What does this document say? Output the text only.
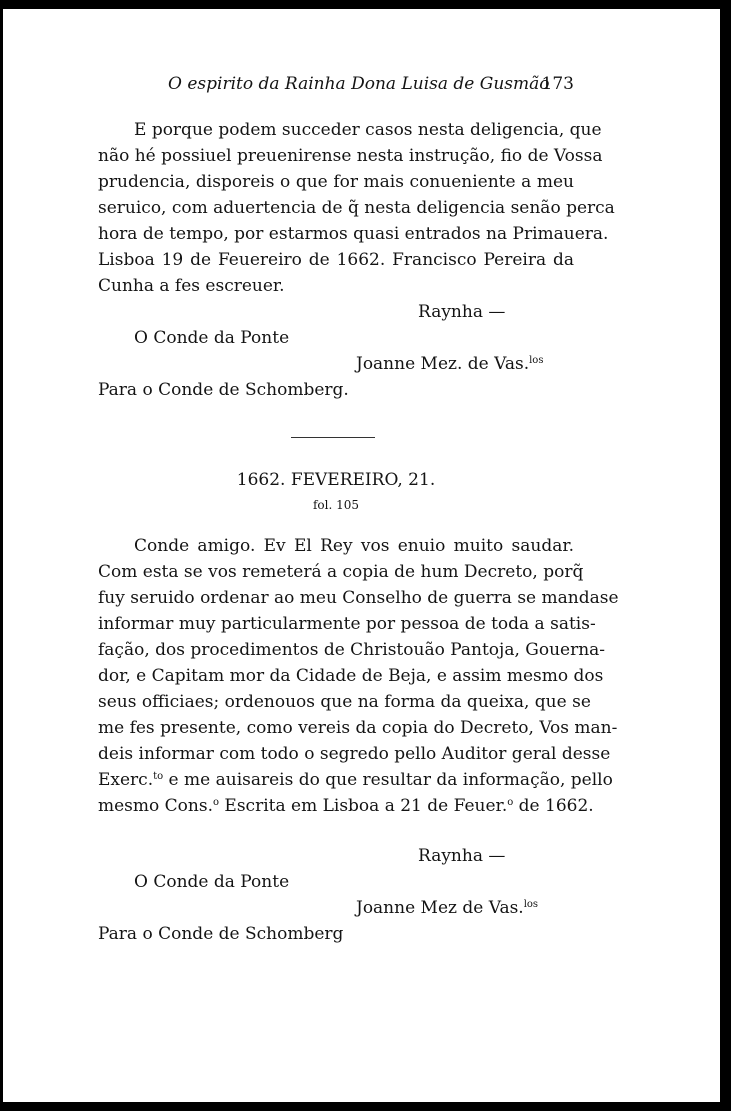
O espirito da Rainha Dona Luisa de Gusmão
173
E porque podem succeder casos nesta deligencia, que
não hé possiuel preuenirense nesta instrução, fio de Vossa
prudencia, disporeis o que for mais conueniente a meu
seruico, com aduertencia de q̃ nesta deligencia senão perca
hora de tempo, por estarmos quasi entrados na Primauera.
Lisboa 19 de Feuereiro de 1662. Francisco Pereira da
Cunha a fes escreuer.
Raynha —
O Conde da Ponte
Joanne Mez. de Vas.$^{los}$
Para o Conde de Schomberg.
1662. FEVEREIRO, 21.
fol. 105
Conde amigo. Ev El Rey vos enuio muito saudar.
Com esta se vos remeterá a copia de hum Decreto, porq̃
fuy seruido ordenar ao meu Conselho de guerra se mandase
informar muy particularmente por pessoa de toda a satis-
fação, dos procedimentos de Christouão Pantoja, Gouerna-
dor, e Capitam mor da Cidade de Beja, e assim mesmo dos
seus officiaes; ordenouos que na forma da queixa, que se
me fes presente, como vereis da copia do Decreto, Vos man-
deis informar com todo o segredo pello Auditor geral desse
Exerc.$^{to}$ e me auisareis do que resultar da informação, pello
mesmo Cons.$^o$ Escrita em Lisboa a 21 de Feuer.$^o$ de 1662.
Raynha —
O Conde da Ponte
Joanne Mez de Vas.$^{los}$
Para o Conde de Schomberg
